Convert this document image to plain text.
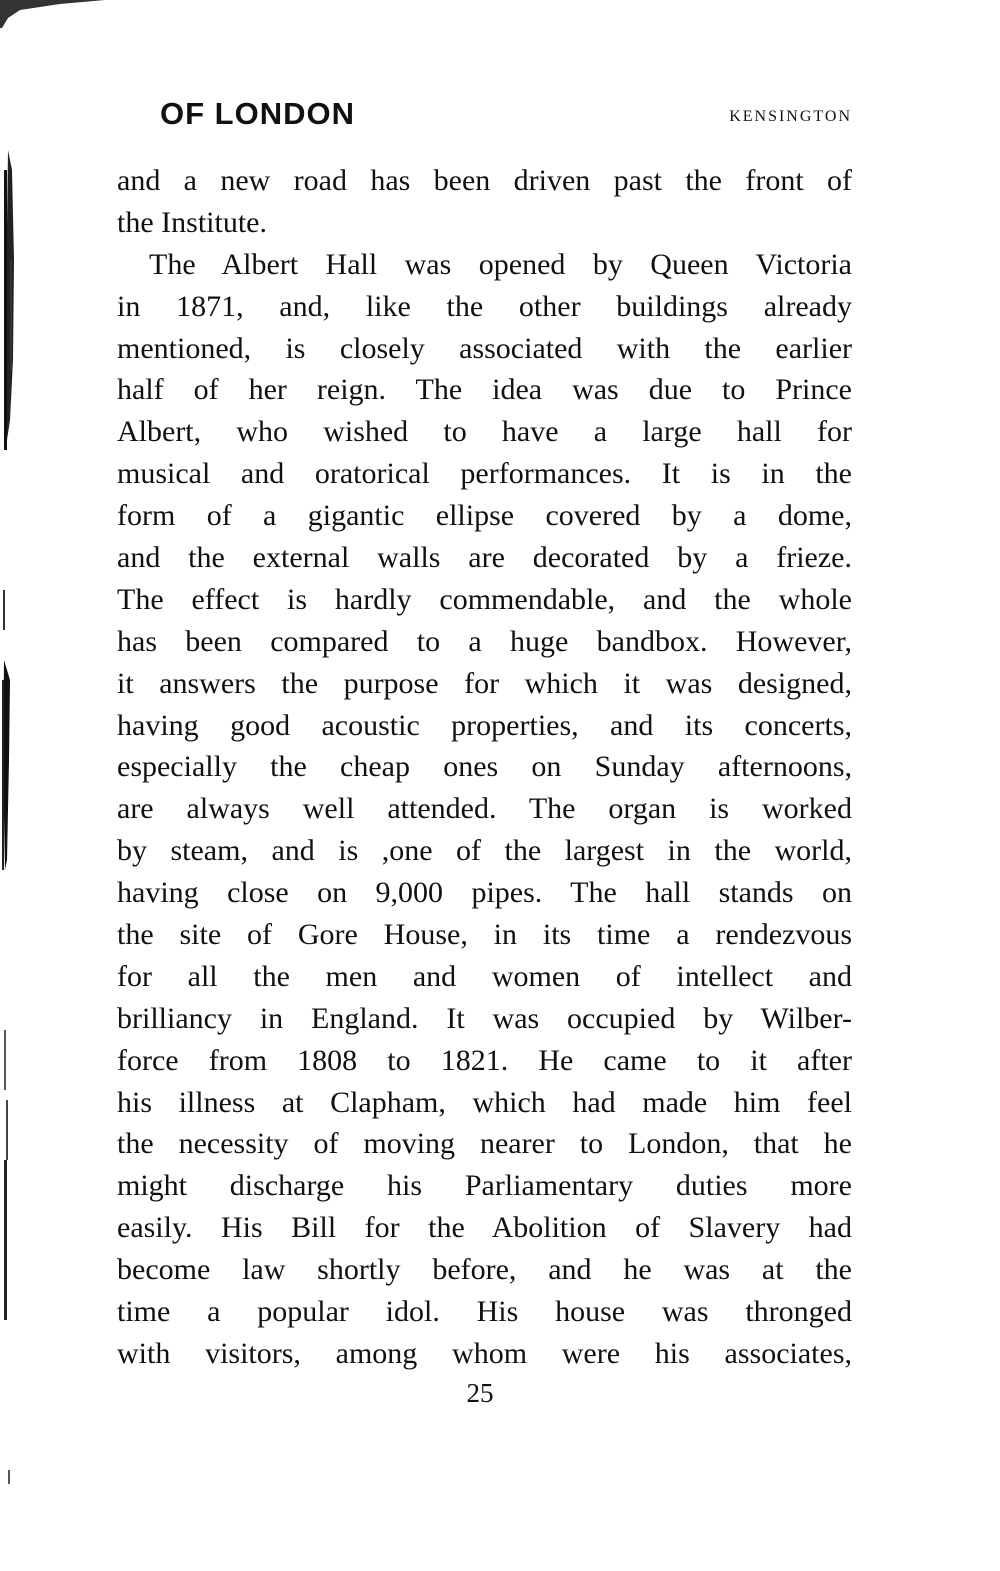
OF LONDON	KENSINGTON
and a new road has been driven past the front of
the Institute.
The Albert Hall was opened by Queen Victoria
in 1871, and, like the other buildings already
mentioned, is closely associated with the earlier
half of her reign. The idea was due to Prince
Albert, who wished to have a large hall for
musical and oratorical performances. It is in the
form of a gigantic ellipse covered by a dome,
and the external walls are decorated by a frieze.
The effect is hardly commendable, and the whole
has been compared to a huge bandbox. However,
it answers the purpose for which it was designed,
having good acoustic properties, and its concerts,
especially the cheap ones on Sunday afternoons,
are always well attended. The organ is worked
by steam, and is ,one of the largest in the world,
having close on 9,000 pipes. The hall stands on
the site of Gore House, in its time a rendezvous
for all the men and women of intellect and
brilliancy in England. It was occupied by Wilber-
force from 1808 to 1821. He came to it after
his illness at Clapham, which had made him feel
the necessity of moving nearer to London, that he
might discharge his Parliamentary duties more
easily. His Bill for the Abolition of Slavery had
become law shortly before, and he was at the
time a popular idol. His house was thronged
with visitors, among whom were his associates,
25
